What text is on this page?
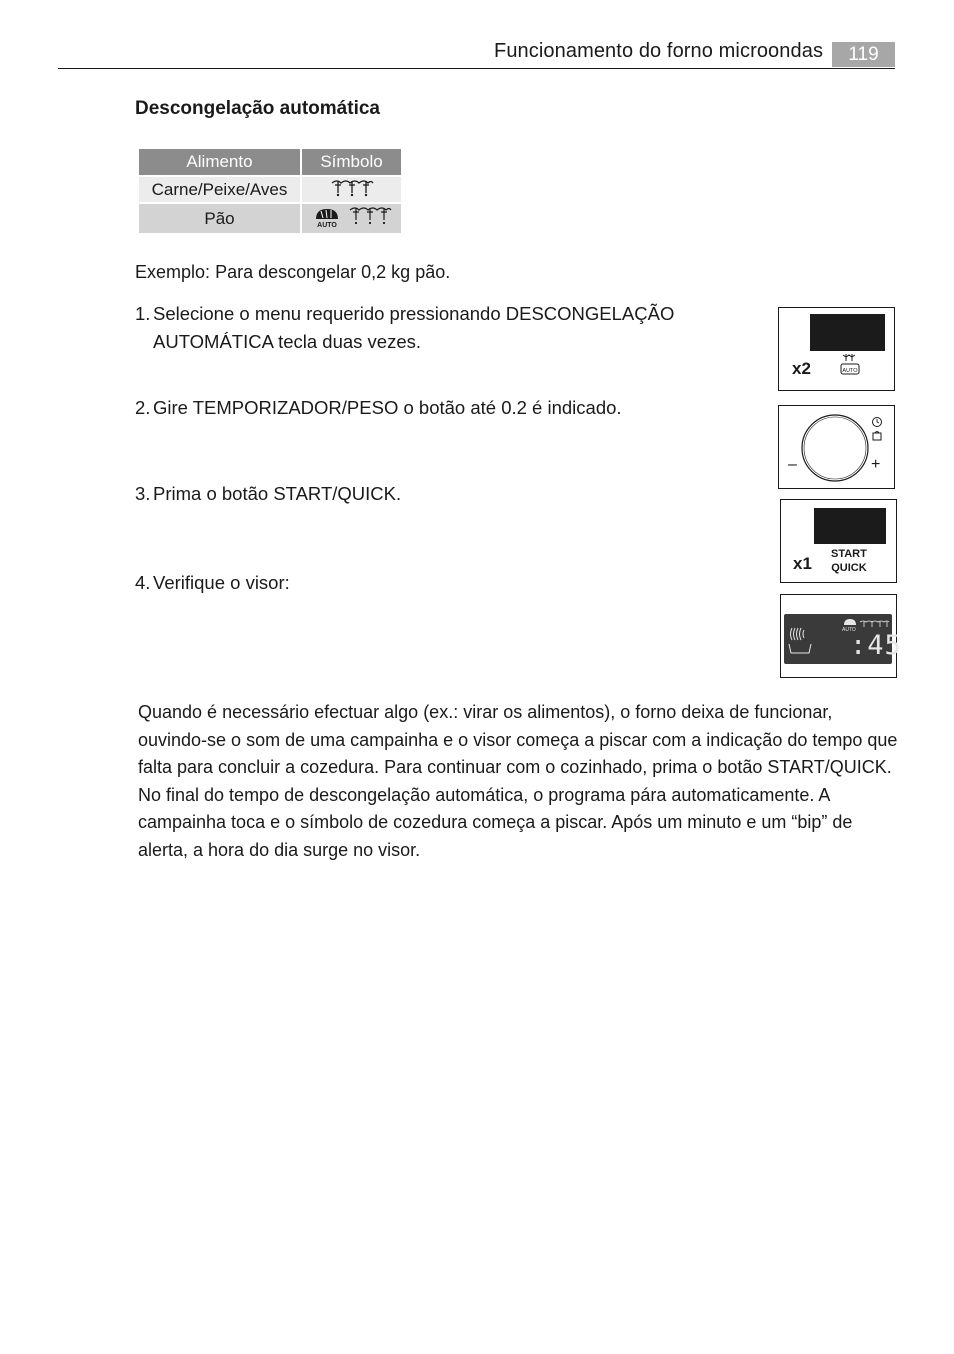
Funcionamento do forno microondas	119
Descongelação automática
Alimento	Símbolo
Carne/Peixe/Aves	
Pão	AUTO
Exemplo: Para descongelar 0,2 kg pão.
1. Selecione o menu requerido pressionando DESCONGELAÇÃO
AUTOMÁTICA tecla duas vezes.
2. Gire TEMPORIZADOR/PESO o botão até 0.2 é indicado.
3. Prima o botão START/QUICK.
4. Verifique o visor:
x2	AUTO
–	+
x1 START
QUICK
AUTO
:45
Quando é necessário efectuar algo (ex.: virar os alimentos), o forno deixa de funcionar, ouvindo-se o som de uma campainha e o visor começa a piscar com a indicação do tempo que falta para concluir a cozedura. Para continuar com o cozinhado, prima o botão START/QUICK. No final do tempo de descongelação automática, o programa pára automaticamente. A campainha toca e o símbolo de cozedura começa a piscar. Após um minuto e um “bip” de alerta, a hora do dia surge no visor.
